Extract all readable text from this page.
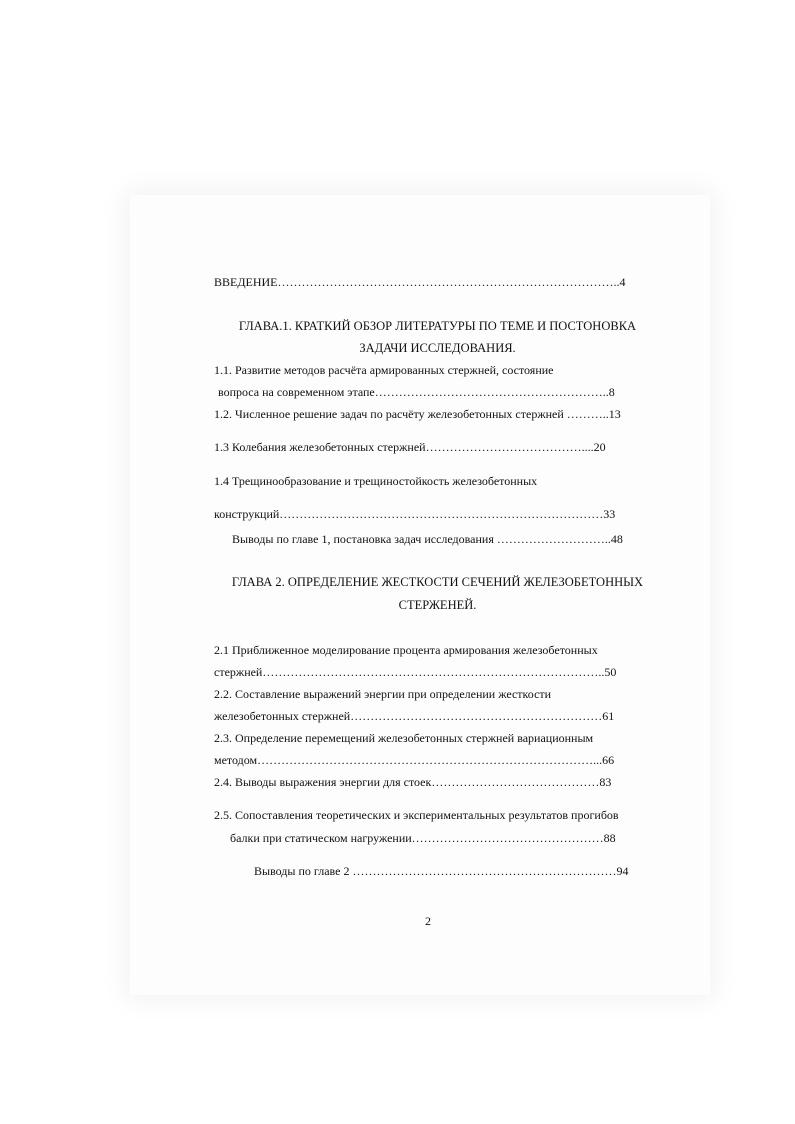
ВВЕДЕНИЕ…………………………………………………………………………..4
ГЛАВА.1. КРАТКИЙ ОБЗОР ЛИТЕРАТУРЫ ПО ТЕМЕ И ПОСТОНОВКА
ЗАДАЧИ ИССЛЕДОВАНИЯ.
1.1. Развитие методов расчёта армированных стержней, состояние
вопроса на современном этапе…………………………………………………..8
1.2. Численное решение задач по расчёту железобетонных стержней ………..13
1.3 Колебания железобетонных стержней…………………………………....20
1.4 Трещинообразование и трещиностойкость железобетонных
конструкций………………………………………………………………………33
Выводы по главе 1, постановка задач исследования ………………………..48
ГЛАВА 2. ОПРЕДЕЛЕНИЕ ЖЕСТКОСТИ СЕЧЕНИЙ ЖЕЛЕЗОБЕТОННЫХ
СТЕРЖЕНЕЙ.
2.1 Приближенное моделирование процента армирования железобетонных
стержней…………………………………………………………………………..50
2.2. Составление выражений энергии при определении жесткости
железобетонных стержней………………………………………………………61
2.3. Определение перемещений железобетонных стержней вариационным
методом…………………………………………………………………………...66
2.4. Выводы выражения энергии для стоек……………………………………83
2.5. Сопоставления теоретических и экспериментальных результатов прогибов
балки при статическом нагружении…………………………………………88
Выводы по главе 2 …………………………………………………………94
2
